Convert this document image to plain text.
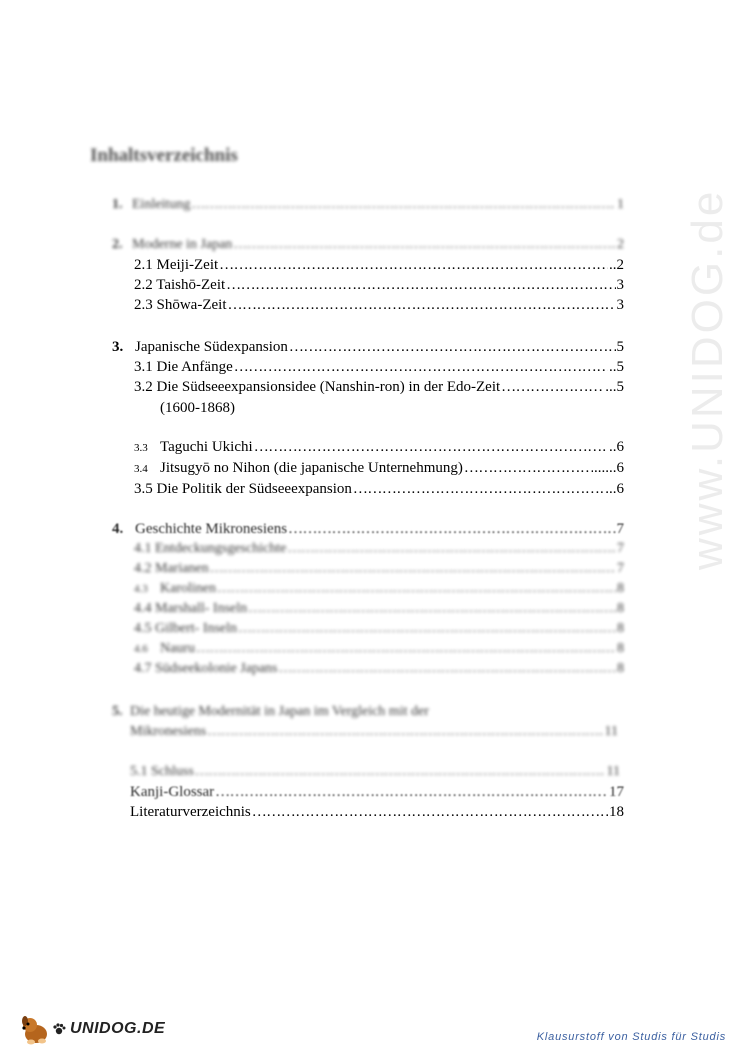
www.UNIDOG.de
Inhaltsverzeichnis
1. Einleitung ………………………………………………………………………………………………………………………………………………………	1
2. Moderne in Japan ………………………………………………………………………………………………………………………………………………………	2
2.1 Meiji-Zeit ………………………………………………………………………………………………………………………………………………………	..2
2.2 Taishō-Zeit ………………………………………………………………………………………………………………………………………………………	3
2.3 Shōwa-Zeit ………………………………………………………………………………………………………………………………………………………	3
3. Japanische Südexpansion ………………………………………………………………………………………………………………………………………………………	5
3.1 Die Anfänge ………………………………………………………………………………………………………………………………………………………	..5
3.2 Die Südseeexpansionsidee (Nanshin-ron) in der Edo-Zeit ………………………………………………………………………………………………………………………………………………………	...5
(1600-1868)
3.3 Taguchi Ukichi ………………………………………………………………………………………………………………………………………………………	..6
3.4 Jitsugyō no Nihon (die japanische Unternehmung) ………………………………………………………………………………………………………………………………………………………	......6
3.5 Die Politik der Südseeexpansion ………………………………………………………………………………………………………………………………………………………	...6
4. Geschichte Mikronesiens ………………………………………………………………………………………………………………………………………………………	7
4.1 Entdeckungsgeschichte ………………………………………………………………………………………………………………………………………………………	7
4.2 Marianen ………………………………………………………………………………………………………………………………………………………	7
4.3 Karolinen ………………………………………………………………………………………………………………………………………………………	8
4.4 Marshall- Inseln ………………………………………………………………………………………………………………………………………………………	8
4.5 Gilbert- Inseln ………………………………………………………………………………………………………………………………………………………	8
4.6 Nauru ………………………………………………………………………………………………………………………………………………………	8
4.7 Südseekolonie Japans ………………………………………………………………………………………………………………………………………………………	8
5. Die heutige Modernität in Japan im Vergleich mit der
Mikronesiens ………………………………………………………………………………………………………………………………………………………	11
5.1 Schluss ………………………………………………………………………………………………………………………………………………………	11
Kanji-Glossar ………………………………………………………………………………………………………………………………………………………	17
Literaturverzeichnis ………………………………………………………………………………………………………………………………………………………	18
UNIDOG.DE	Klausurstoff von Studis für Studis
